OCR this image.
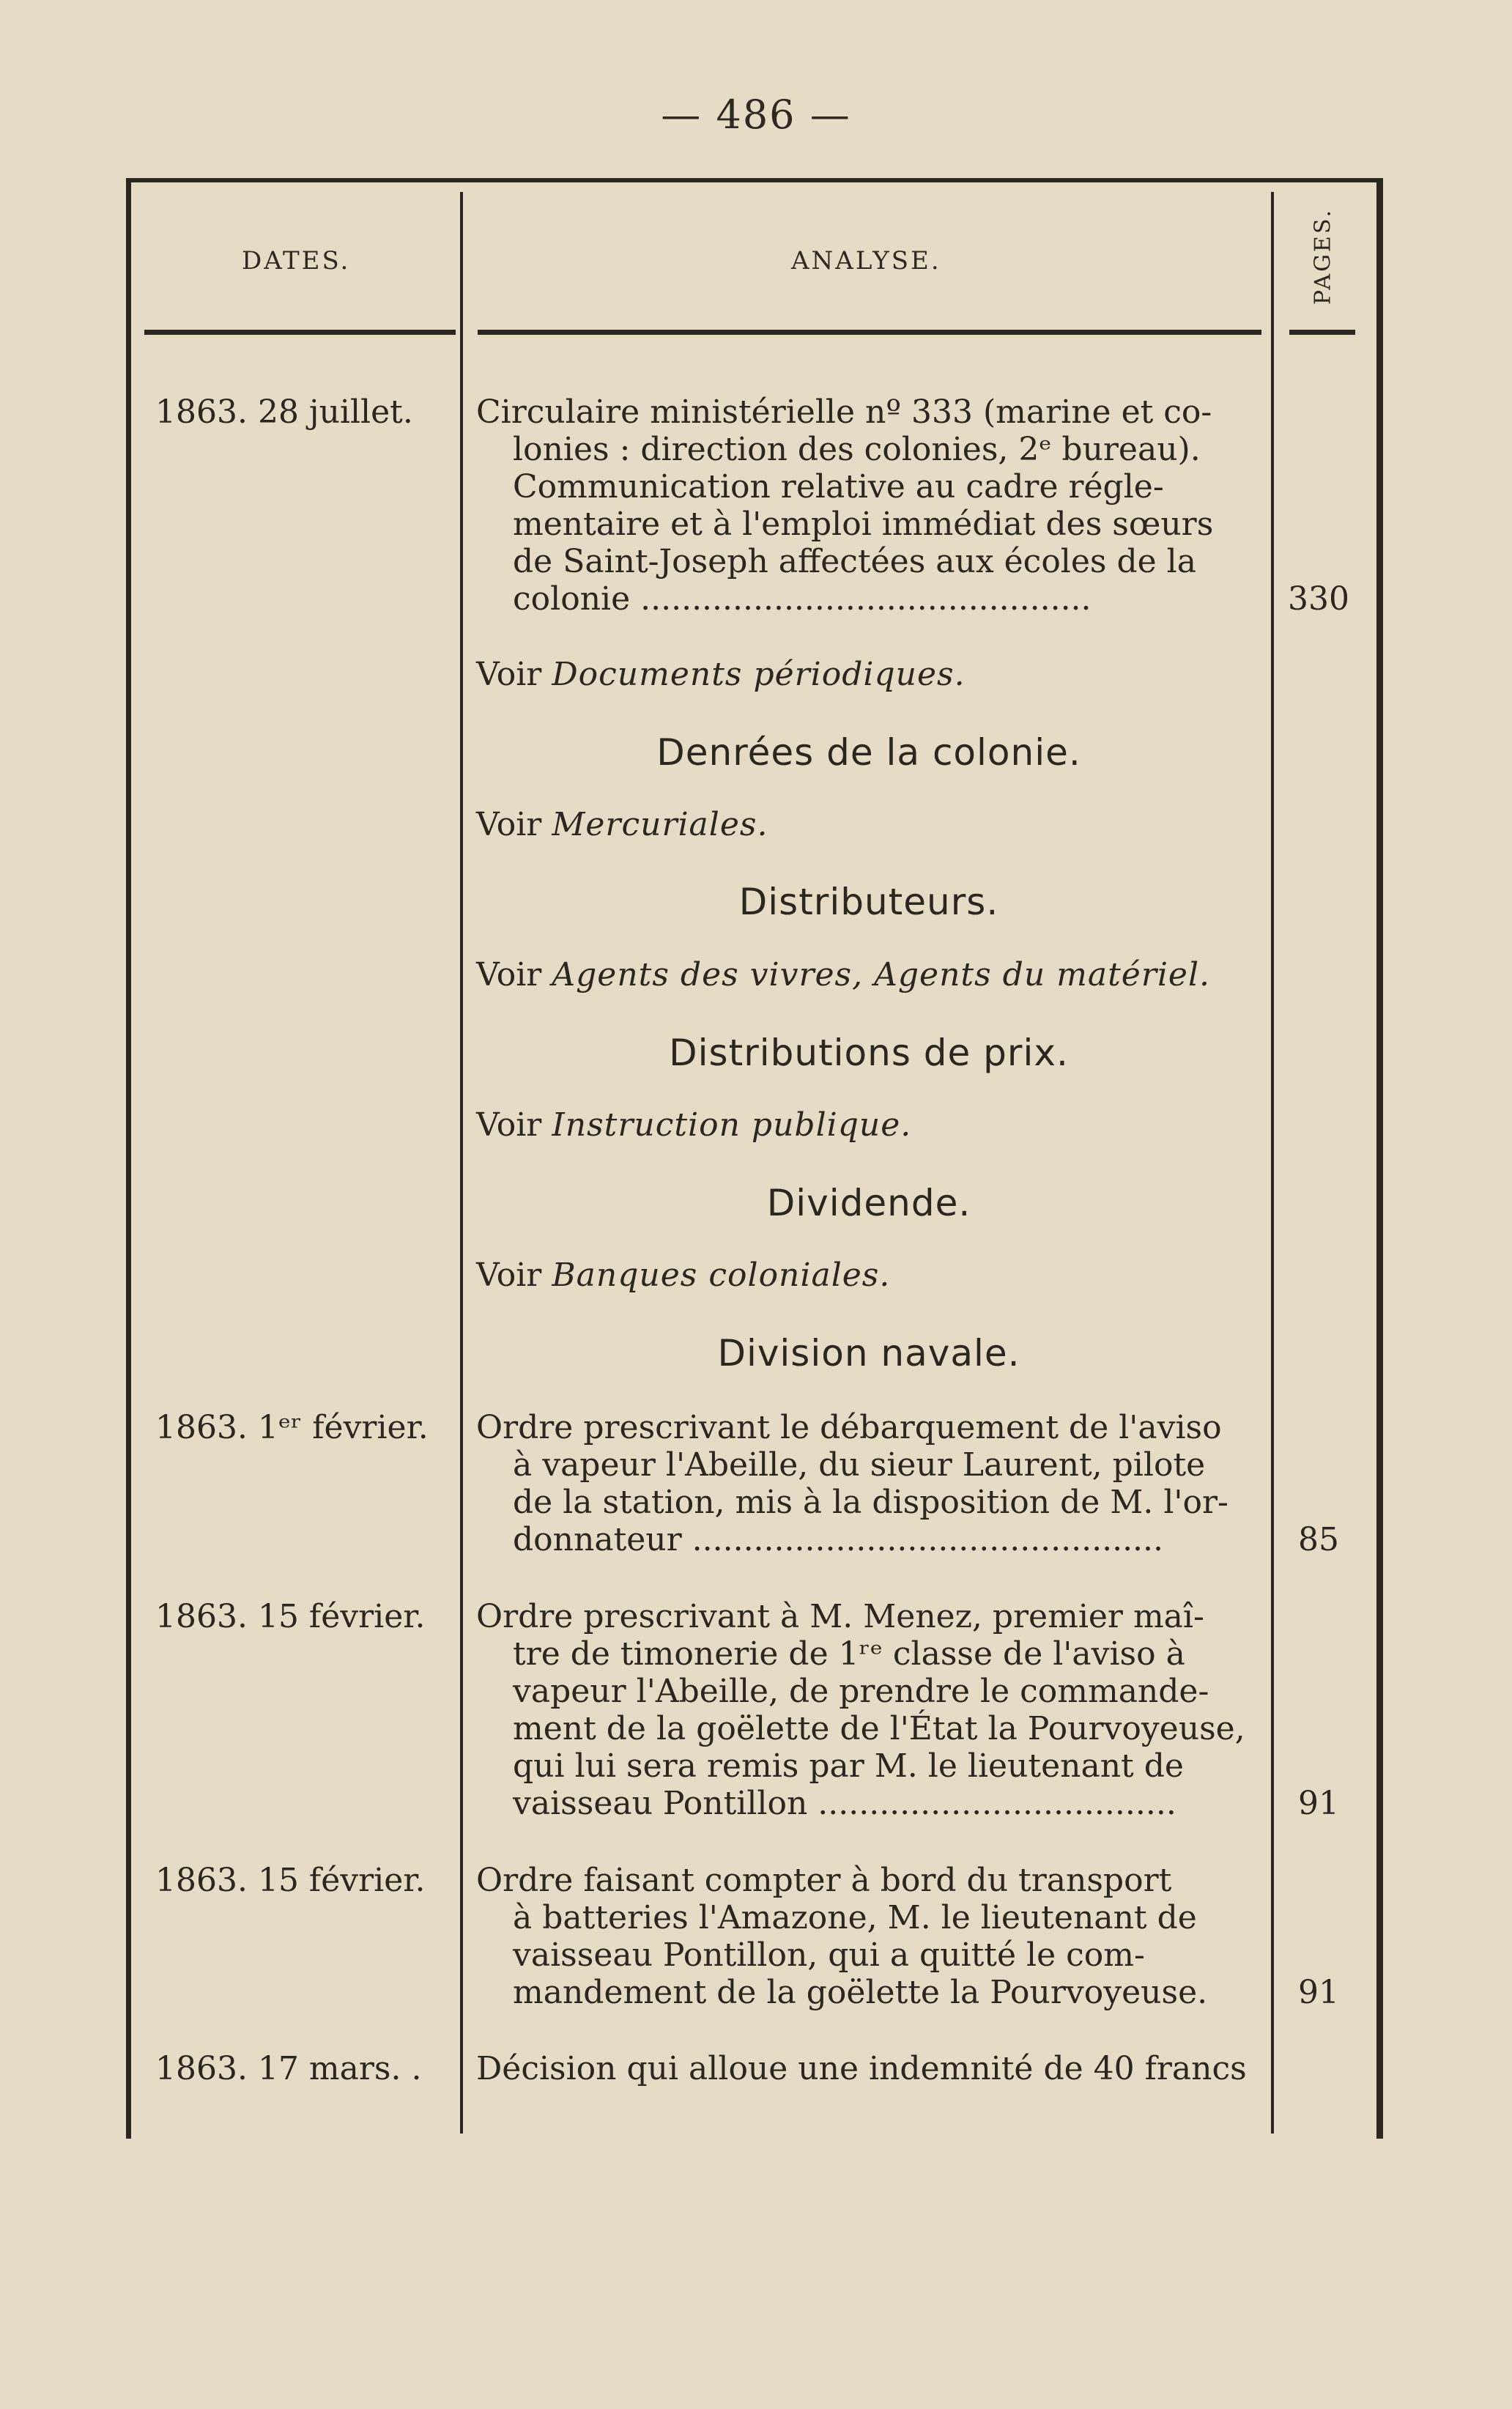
— 486 —
DATES.	ANALYSE.	PAGES.
1863. 28 juillet.	Circulaire ministérielle nº 333 (marine et co-

lonies : direction des colonies, 2ᵉ bureau).

Communication relative au cadre régle-

mentaire et à l'emploi immédiat des sœurs

de Saint-Joseph affectées aux écoles de la

colonie ............................................	330
Voir Documents périodiques.
Denrées de la colonie.
Voir Mercuriales.
Distributeurs.
Voir Agents des vivres, Agents du matériel.
Distributions de prix.
Voir Instruction publique.
Dividende.
Voir Banques coloniales.
Division navale.
1863. 1ᵉʳ février.	Ordre prescrivant le débarquement de l'aviso

à vapeur l'Abeille, du sieur Laurent, pilote

de la station, mis à la disposition de M. l'or-

donnateur ..............................................	85
1863. 15 février.	Ordre prescrivant à M. Menez, premier maî-

tre de timonerie de 1ʳᵉ classe de l'aviso à

vapeur l'Abeille, de prendre le commande-

ment de la goëlette de l'État la Pourvoyeuse,

qui lui sera remis par M. le lieutenant de

vaisseau Pontillon ...................................	91
1863. 15 février.	Ordre faisant compter à bord du transport

à batteries l'Amazone, M. le lieutenant de

vaisseau Pontillon, qui a quitté le com-

mandement de la goëlette la Pourvoyeuse.	91
1863. 17 mars. .	Décision qui alloue une indemnité de 40 francs
